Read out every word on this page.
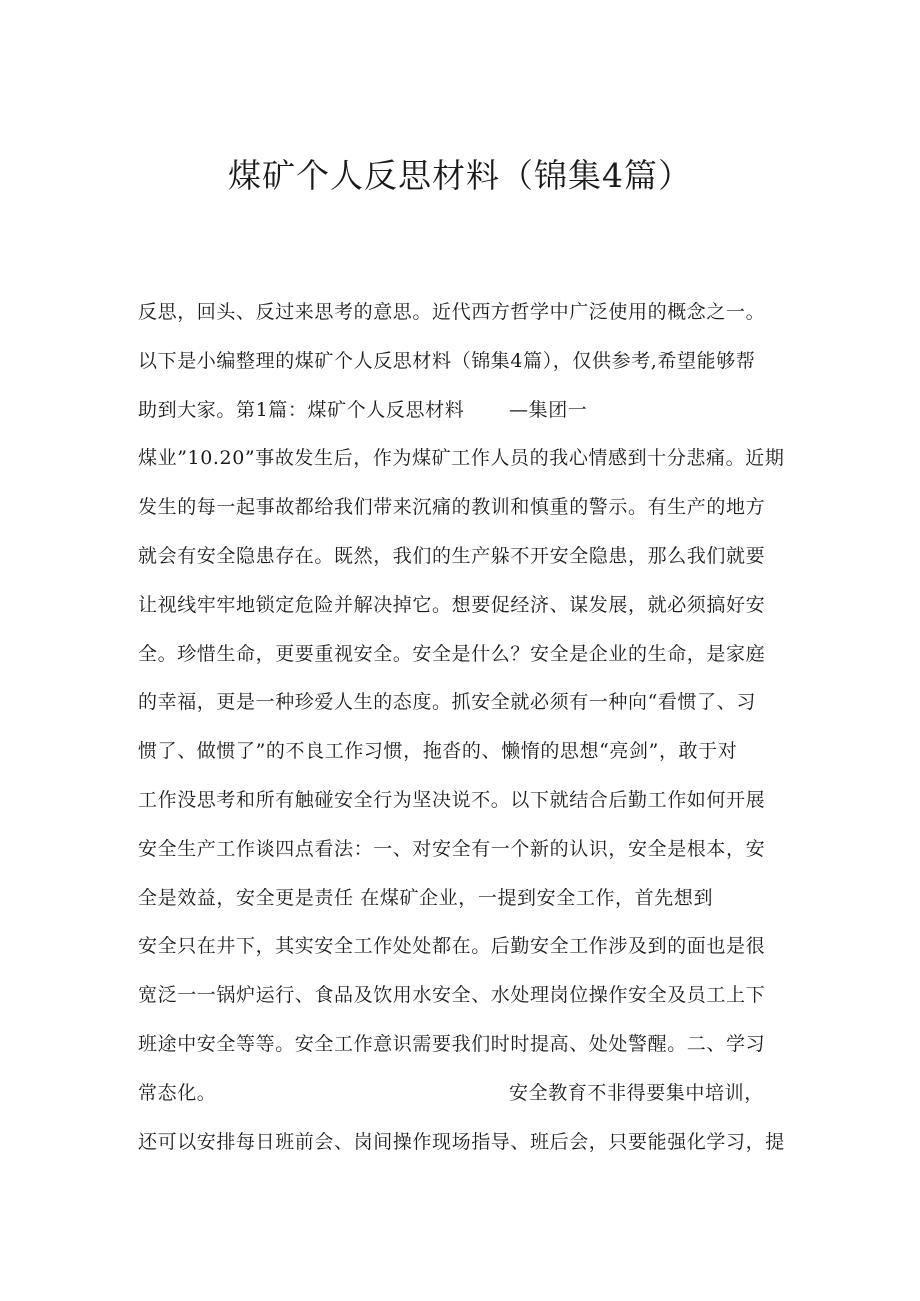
煤矿个人反思材料（锦集4篇）
反思，回头、反过来思考的意思。近代西方哲学中广泛使用的概念之一。
以下是小编整理的煤矿个人反思材料（锦集4篇），仅供参考,希望能够帮
助到大家。第1篇：煤矿个人反思材料 —集团一
煤业”10.20”事故发生后，作为煤矿工作人员的我心情感到十分悲痛。近期
发生的每一起事故都给我们带来沉痛的教训和慎重的警示。有生产的地方
就会有安全隐患存在。既然，我们的生产躲不开安全隐患，那么我们就要
让视线牢牢地锁定危险并解决掉它。想要促经济、谋发展，就必须搞好安
全。珍惜生命，更要重视安全。安全是什么？安全是企业的生命，是家庭
的幸福，更是一种珍爱人生的态度。抓安全就必须有一种向“看惯了、习
惯了、做惯了”的不良工作习惯，拖沓的、懒惰的思想“亮剑”，敢于对
工作没思考和所有触碰安全行为坚决说不。以下就结合后勤工作如何开展
安全生产工作谈四点看法：一、对安全有一个新的认识，安全是根本，安
全是效益，安全更是责任 在煤矿企业，一提到安全工作，首先想到
安全只在井下，其实安全工作处处都在。后勤安全工作涉及到的面也是很
宽泛一一锅炉运行、食品及饮用水安全、水处理岗位操作安全及员工上下
班途中安全等等。安全工作意识需要我们时时提高、处处警醒。二、学习
常态化。	安全教育不非得要集中培训，
还可以安排每日班前会、岗间操作现场指导、班后会，只要能强化学习，提
